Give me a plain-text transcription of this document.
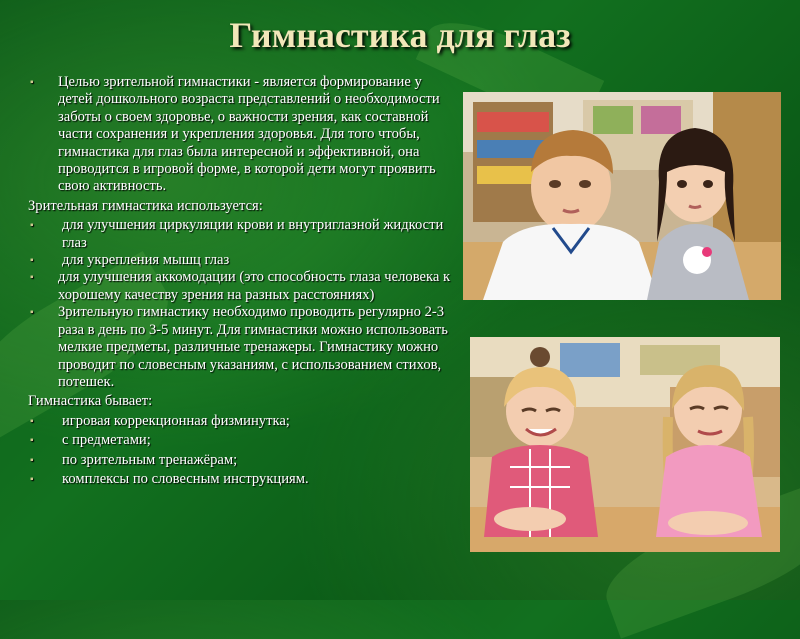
Гимнастика для глаз
▪	Целью зрительной гимнастики - является формирование у детей дошкольного возраста представлений о необходимости заботы о своем здоровье, о важности зрения, как составной части сохранения и укрепления здоровья. Для того чтобы, гимнастика для глаз была интересной и эффективной, она проводится в игровой форме, в которой дети могут проявить свою активность.
Зрительная гимнастика используется:
▪	для улучшения циркуляции крови и внутриглазной жидкости глаз
▪	для укрепления мышц глаз
▪	для улучшения аккомодации (это способность глаза человека к хорошему качеству зрения на разных расстояниях)
▪	Зрительную гимнастику необходимо проводить регулярно 2-3 раза в день по 3-5 минут. Для гимнастики можно использовать мелкие предметы, различные тренажеры. Гимнастику можно проводит по словесным указаниям, с использованием стихов, потешек.
Гимнастика бывает:
▪	игровая коррекционная физминутка;
▪	с предметами;
▪	по зрительным тренажёрам;
▪	комплексы по словесным инструкциям.
